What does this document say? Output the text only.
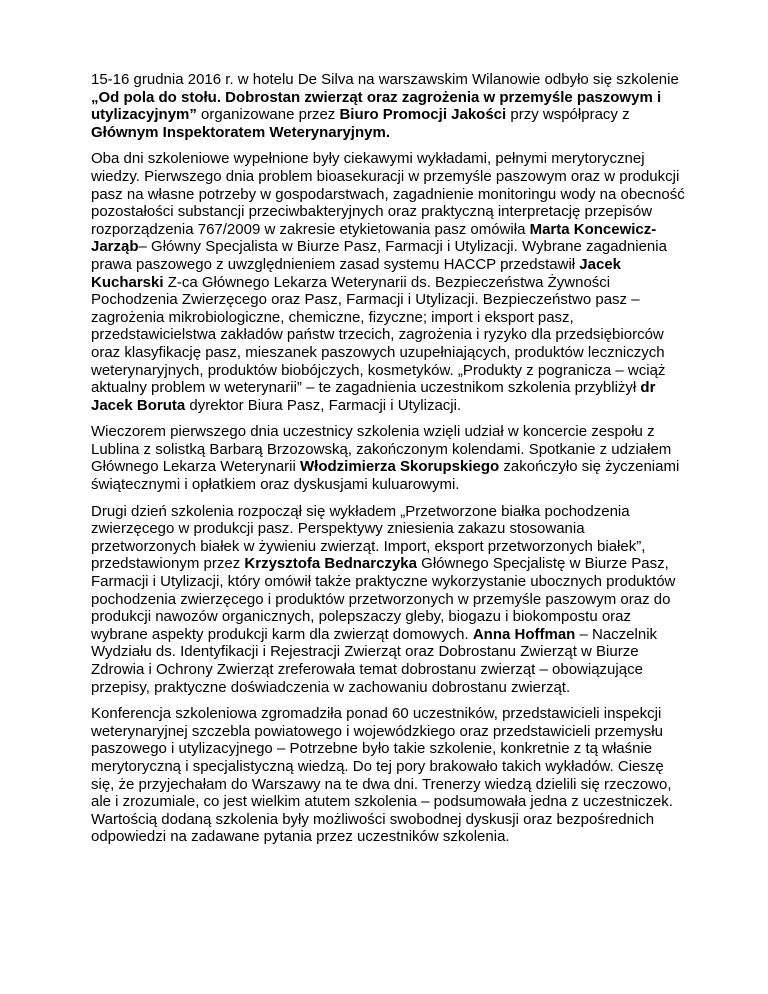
15-16 grudnia 2016 r. w hotelu De Silva na warszawskim Wilanowie odbyło się szkolenie „Od pola do stołu. Dobrostan zwierząt oraz zagrożenia w przemyśle paszowym i utylizacyjnym” organizowane przez Biuro Promocji Jakości przy współpracy z Głównym Inspektoratem Weterynaryjnym.

Oba dni szkoleniowe wypełnione były ciekawymi wykładami, pełnymi merytorycznej wiedzy. Pierwszego dnia problem bioasekuracji w przemyśle paszowym oraz w produkcji pasz na własne potrzeby w gospodarstwach, zagadnienie monitoringu wody na obecność pozostałości substancji przeciwbakteryjnych oraz praktyczną interpretację przepisów rozporządzenia 767/2009 w zakresie etykietowania pasz omówiła Marta Koncewicz-Jarząb– Główny Specjalista w Biurze Pasz, Farmacji i Utylizacji. Wybrane zagadnienia prawa paszowego z uwzględnieniem zasad systemu HACCP przedstawił Jacek Kucharski Z-ca Głównego Lekarza Weterynarii ds. Bezpieczeństwa Żywności Pochodzenia Zwierzęcego oraz Pasz, Farmacji i Utylizacji. Bezpieczeństwo pasz – zagrożenia mikrobiologiczne, chemiczne, fizyczne; import i eksport pasz, przedstawicielstwa zakładów państw trzecich, zagrożenia i ryzyko dla przedsiębiorców oraz klasyfikację pasz, mieszanek paszowych uzupełniających, produktów leczniczych weterynaryjnych, produktów biobójczych, kosmetyków. „Produkty z pogranicza – wciąż aktualny problem w weterynarii” – te zagadnienia uczestnikom szkolenia przybliżył dr Jacek Boruta dyrektor Biura Pasz, Farmacji i Utylizacji.

Wieczorem pierwszego dnia uczestnicy szkolenia wzięli udział w koncercie zespołu z Lublina z solistką Barbarą Brzozowską, zakończonym kolendami. Spotkanie z udziałem Głównego Lekarza Weterynarii Włodzimierza Skorupskiego zakończyło się życzeniami świątecznymi i opłatkiem oraz dyskusjami kuluarowymi.

Drugi dzień szkolenia rozpoczął się wykładem „Przetworzone białka pochodzenia zwierzęcego w produkcji pasz. Perspektywy zniesienia zakazu stosowania przetworzonych białek w żywieniu zwierząt. Import, eksport przetworzonych białek”, przedstawionym przez Krzysztofa Bednarczyka Głównego Specjalistę w Biurze Pasz, Farmacji i Utylizacji, który omówił także praktyczne wykorzystanie ubocznych produktów pochodzenia zwierzęcego i produktów przetworzonych w przemyśle paszowym oraz do produkcji nawozów organicznych, polepszaczy gleby, biogazu i biokompostu oraz wybrane aspekty produkcji karm dla zwierząt domowych. Anna Hoffman – Naczelnik Wydziału ds. Identyfikacji i Rejestracji Zwierząt oraz Dobrostanu Zwierząt w Biurze Zdrowia i Ochrony Zwierząt zreferowała temat dobrostanu zwierząt – obowiązujące przepisy, praktyczne doświadczenia w zachowaniu dobrostanu zwierząt.

Konferencja szkoleniowa zgromadziła ponad 60 uczestników, przedstawicieli inspekcji weterynaryjnej szczebla powiatowego i wojewódzkiego oraz przedstawicieli przemysłu paszowego i utylizacyjnego – Potrzebne było takie szkolenie, konkretnie z tą właśnie merytoryczną i specjalistyczną wiedzą. Do tej pory brakowało takich wykładów. Cieszę się, że przyjechałam do Warszawy na te dwa dni. Trenerzy wiedzą dzielili się rzeczowo, ale i zrozumiale, co jest wielkim atutem szkolenia – podsumowała jedna z uczestniczek. Wartością dodaną szkolenia były możliwości swobodnej dyskusji oraz bezpośrednich odpowiedzi na zadawane pytania przez uczestników szkolenia.
